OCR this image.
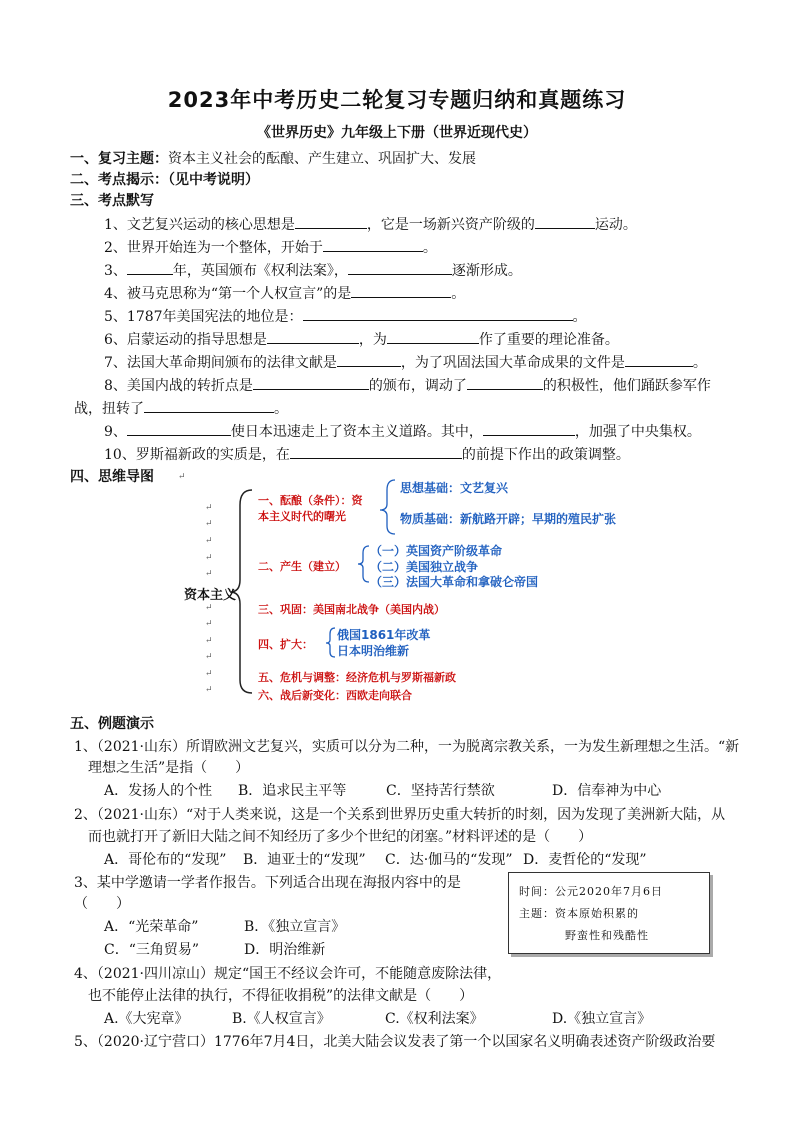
2023年中考历史二轮复习专题归纳和真题练习
《世界历史》九年级上下册（世界近现代史）
一、复习主题：资本主义社会的酝酿、产生建立、巩固扩大、发展
二、考点揭示：（见中考说明）
三、考点默写
1、文艺复兴运动的核心思想是	，它是一场新兴资产阶级的	运动。
2、世界开始连为一个整体，开始于	。
3、	年，英国颁布《权利法案》，	逐渐形成。
4、被马克思称为“第一个人权宣言”的是	。
5、1787年美国宪法的地位是：	。
6、启蒙运动的指导思想是	，为	作了重要的理论准备。
7、法国大革命期间颁布的法律文献是	，为了巩固法国大革命成果的文件是	。
8、美国内战的转折点是	的颁布，调动了	的积极性，他们踊跃参军作
战，扭转了	。
9、	使日本迅速走上了资本主义道路。其中，	，加强了中央集权。
10、罗斯福新政的实质是，在	的前提下作出的政策调整。
四、思维导图	↵
↵
↵
↵
↵
↵
↵
↵
↵
↵
↵
↵
资本主义
一、酝酿（条件）：资
本主义时代的曙光
思想基础：文艺复兴
物质基础：新航路开辟；早期的殖民扩张
二、产生（建立）
（一）英国资产阶级革命
（二）美国独立战争
（三）法国大革命和拿破仑帝国
三、巩固：美国南北战争（美国内战）
四、扩大：
俄国1861年改革
日本明治维新
五、危机与调整：经济危机与罗斯福新政
六、战后新变化：西欧走向联合
五、例题演示
1、（2021·山东）所谓欧洲文艺复兴，实质可以分为二种，一为脱离宗教关系，一为发生新理想之生活。“新
理想之生活”是指（　　）
A．发扬人的个性 B．追求民主平等	C．坚持苦行禁欲	D．信奉神为中心
2、（2021·山东）“对于人类来说，这是一个关系到世界历史重大转折的时刻，因为发现了美洲新大陆，从
而也就打开了新旧大陆之间不知经历了多少个世纪的闭塞。”材料评述的是（　　）
A．哥伦布的“发现” B．迪亚士的“发现” C．达·伽马的“发现” D．麦哲伦的“发现”
3、某中学邀请一学者作报告。下列适合出现在海报内容中的是
（　　）
A．“光荣革命”	B．《独立宣言》
C．“三角贸易”	D．明治维新
时间：公元2020年7月6日
主题：资本原始积累的
野蛮性和残酷性
4、（2021·四川凉山）规定“国王不经议会许可，不能随意废除法律，
也不能停止法律的执行，不得征收捐税”的法律文献是（　　）
A.《大宪章》	B.《人权宣言》	C.《权利法案》	D.《独立宣言》
5、（2020·辽宁营口）1776年7月4日，北美大陆会议发表了第一个以国家名义明确表述资产阶级政治要
